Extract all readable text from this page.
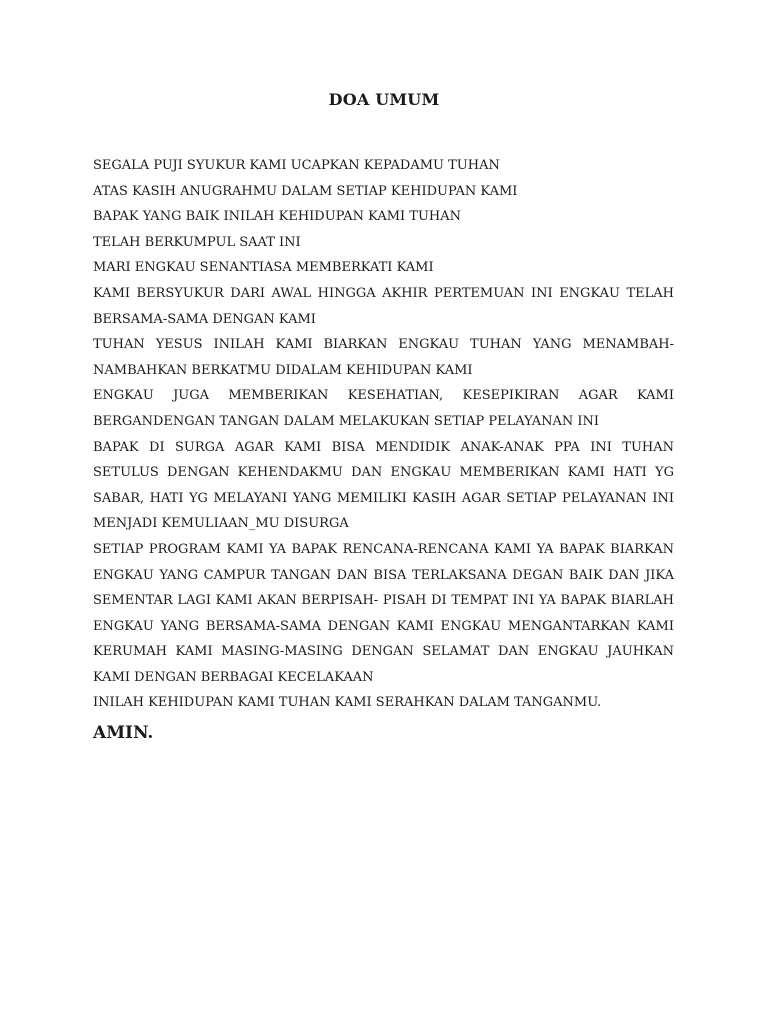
DOA UMUM

SEGALA PUJI SYUKUR KAMI UCAPKAN KEPADAMU TUHAN

ATAS KASIH ANUGRAHMU DALAM SETIAP KEHIDUPAN KAMI

BAPAK YANG BAIK INILAH KEHIDUPAN KAMI TUHAN

TELAH BERKUMPUL SAAT INI

MARI ENGKAU SENANTIASA MEMBERKATI KAMI

KAMI BERSYUKUR DARI AWAL HINGGA AKHIR PERTEMUAN INI ENGKAU TELAH BERSAMA-SAMA DENGAN KAMI

TUHAN YESUS INILAH KAMI BIARKAN ENGKAU TUHAN YANG MENAMBAH-NAMBAHKAN BERKATMU DIDALAM KEHIDUPAN KAMI

ENGKAU JUGA MEMBERIKAN KESEHATIAN, KESEPIKIRAN AGAR KAMI BERGANDENGAN TANGAN DALAM MELAKUKAN SETIAP PELAYANAN INI

BAPAK DI SURGA AGAR KAMI BISA MENDIDIK ANAK-ANAK PPA INI TUHAN SETULUS DENGAN KEHENDAKMU DAN ENGKAU MEMBERIKAN KAMI HATI YG SABAR, HATI YG MELAYANI YANG MEMILIKI KASIH AGAR SETIAP PELAYANAN INI MENJADI KEMULIAAN_MU DISURGA

SETIAP PROGRAM KAMI YA BAPAK RENCANA-RENCANA KAMI YA BAPAK BIARKAN ENGKAU YANG CAMPUR TANGAN DAN BISA TERLAKSANA DEGAN BAIK DAN JIKA SEMENTAR LAGI KAMI AKAN BERPISAH- PISAH DI TEMPAT INI YA BAPAK BIARLAH ENGKAU YANG BERSAMA-SAMA DENGAN KAMI ENGKAU MENGANTARKAN KAMI KERUMAH KAMI MASING-MASING DENGAN SELAMAT DAN ENGKAU JAUHKAN KAMI DENGAN BERBAGAI KECELAKAAN

INILAH KEHIDUPAN KAMI TUHAN KAMI SERAHKAN DALAM TANGANMU.

AMIN.
